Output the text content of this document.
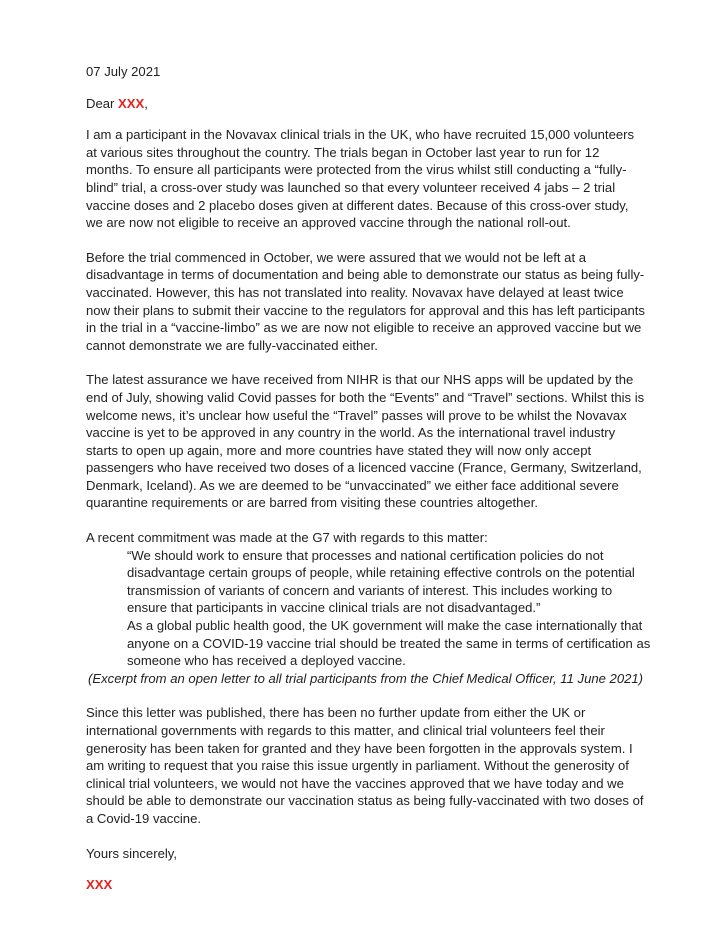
07 July 2021

Dear XXX,

I am a participant in the Novavax clinical trials in the UK, who have recruited 15,000 volunteers at various sites throughout the country. The trials began in October last year to run for 12 months. To ensure all participants were protected from the virus whilst still conducting a “fully-blind” trial, a cross-over study was launched so that every volunteer received 4 jabs – 2 trial vaccine doses and 2 placebo doses given at different dates. Because of this cross-over study, we are now not eligible to receive an approved vaccine through the national roll-out.

Before the trial commenced in October, we were assured that we would not be left at a disadvantage in terms of documentation and being able to demonstrate our status as being fully-vaccinated. However, this has not translated into reality. Novavax have delayed at least twice now their plans to submit their vaccine to the regulators for approval and this has left participants in the trial in a “vaccine-limbo” as we are now not eligible to receive an approved vaccine but we cannot demonstrate we are fully-vaccinated either.

The latest assurance we have received from NIHR is that our NHS apps will be updated by the end of July, showing valid Covid passes for both the “Events” and “Travel” sections. Whilst this is welcome news, it’s unclear how useful the “Travel” passes will prove to be whilst the Novavax vaccine is yet to be approved in any country in the world. As the international travel industry starts to open up again, more and more countries have stated they will now only accept passengers who have received two doses of a licenced vaccine (France, Germany, Switzerland, Denmark, Iceland). As we are deemed to be “unvaccinated” we either face additional severe quarantine requirements or are barred from visiting these countries altogether.

A recent commitment was made at the G7 with regards to this matter:

“We should work to ensure that processes and national certification policies do not disadvantage certain groups of people, while retaining effective controls on the potential transmission of variants of concern and variants of interest. This includes working to ensure that participants in vaccine clinical trials are not disadvantaged.”

As a global public health good, the UK government will make the case internationally that anyone on a COVID-19 vaccine trial should be treated the same in terms of certification as someone who has received a deployed vaccine.

(Excerpt from an open letter to all trial participants from the Chief Medical Officer, 11 June 2021)

Since this letter was published, there has been no further update from either the UK or international governments with regards to this matter, and clinical trial volunteers feel their generosity has been taken for granted and they have been forgotten in the approvals system. I am writing to request that you raise this issue urgently in parliament. Without the generosity of clinical trial volunteers, we would not have the vaccines approved that we have today and we should be able to demonstrate our vaccination status as being fully-vaccinated with two doses of a Covid-19 vaccine.

Yours sincerely,

XXX
